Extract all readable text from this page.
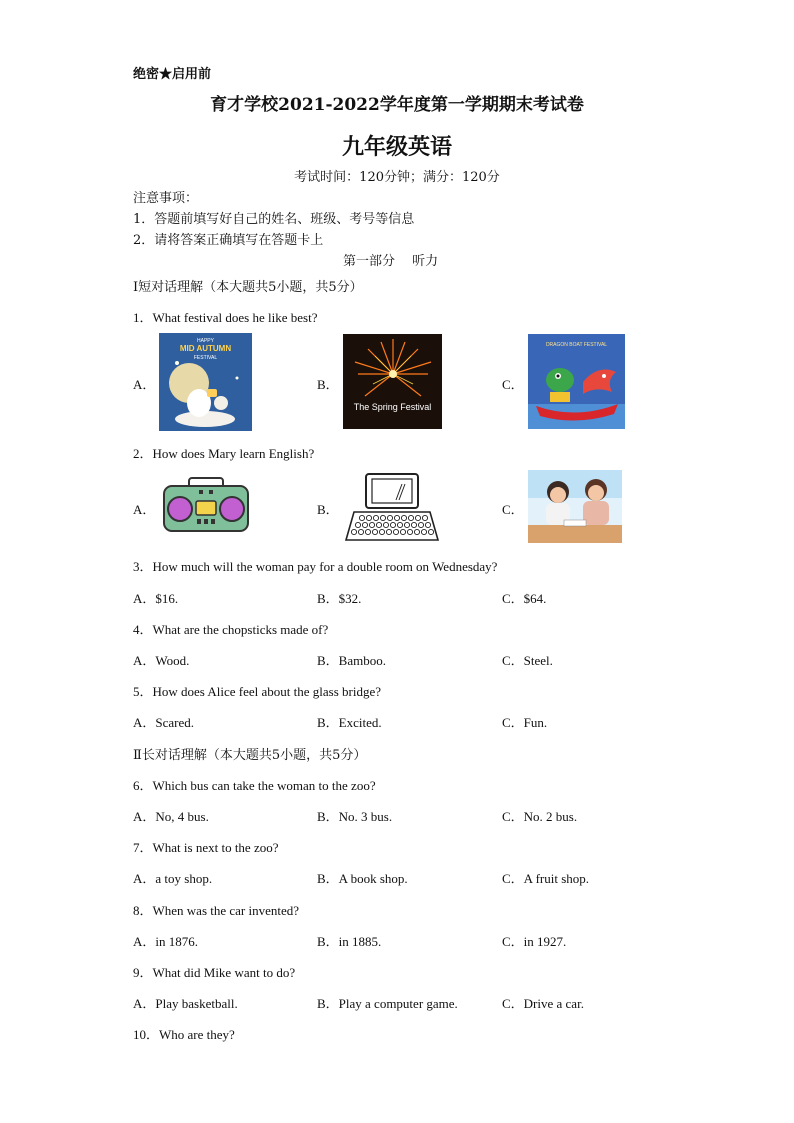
绝密★启用前
育才学校2021-2022学年度第一学期期末考试卷
九年级英语
考试时间：120分钟；满分：120分
注意事项：
1．答题前填写好自己的姓名、班级、考号等信息
2．请将答案正确填写在答题卡上
第一部分　 听力
Ⅰ短对话理解（本大题共5小题，共5分）
1．What festival does he like best?
A．	B．	C．
HAPPY
MID AUTUMN
FESTIVAL
The Spring Festival
DRAGON BOAT FESTIVAL
2．How does Mary learn English?
A．	B．	C．
3．How much will the woman pay for a double room on Wednesday?
A．$16.	B．$32.	C．$64.
4．What are the chopsticks made of?
A．Wood.	B．Bamboo.	C．Steel.
5．How does Alice feel about the glass bridge?
A．Scared.	B．Excited.	C．Fun.
Ⅱ长对话理解（本大题共5小题，共5分）
6．Which bus can take the woman to the zoo?
A．No, 4 bus.	B．No. 3 bus.	C．No. 2 bus.
7．What is next to the zoo?
A．a toy shop.	B．A book shop.	C．A fruit shop.
8．When was the car invented?
A．in 1876.	B．in 1885.	C．in 1927.
9．What did Mike want to do?
A．Play basketball.	B．Play a computer game.	C．Drive a car.
10．Who are they?
